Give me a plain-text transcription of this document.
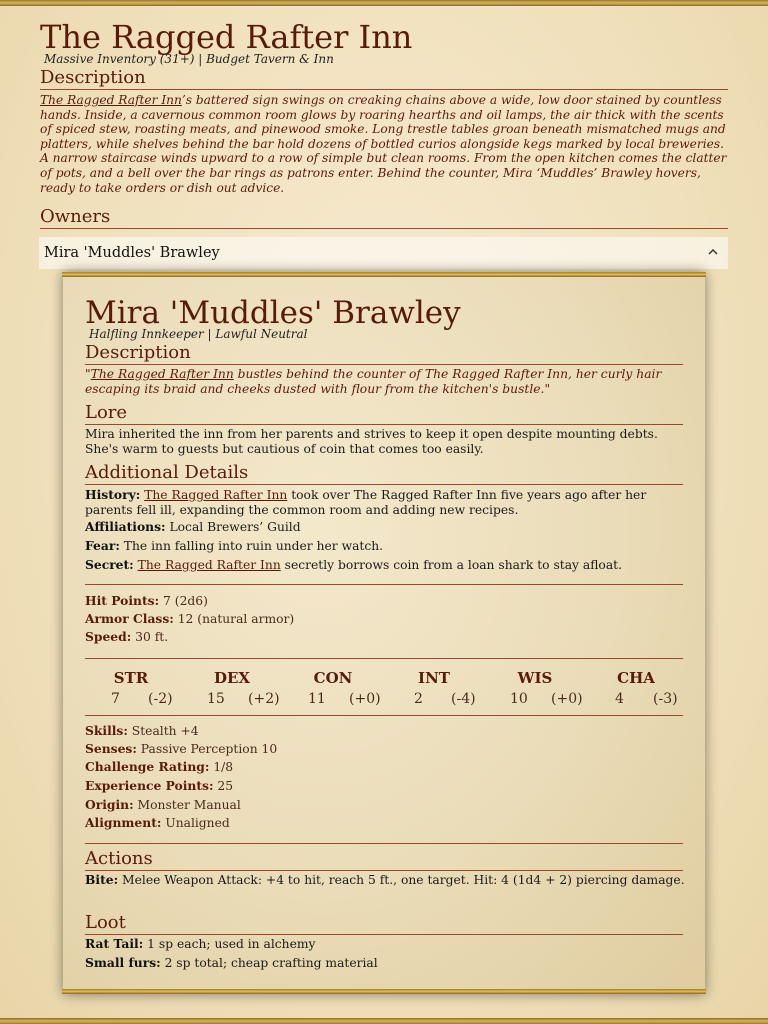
The Ragged Rafter Inn
Massive Inventory (31+) | Budget Tavern & Inn
Description
The Ragged Rafter Inn’s battered sign swings on creaking chains above a wide, low door stained by countless hands. Inside, a cavernous common room glows by roaring hearths and oil lamps, the air thick with the scents of spiced stew, roasting meats, and pinewood smoke. Long trestle tables groan beneath mismatched mugs and platters, while shelves behind the bar hold dozens of bottled curios alongside kegs marked by local breweries. A narrow staircase winds upward to a row of simple but clean rooms. From the open kitchen comes the clatter of pots, and a bell over the bar rings as patrons enter. Behind the counter, Mira ‘Muddles’ Brawley hovers, ready to take orders or dish out advice.
Owners
Mira 'Muddles' Brawley
Mira 'Muddles' Brawley
Halfling Innkeeper | Lawful Neutral
Description
"The Ragged Rafter Inn bustles behind the counter of The Ragged Rafter Inn, her curly hair escaping its braid and cheeks dusted with flour from the kitchen's bustle."
Lore
Mira inherited the inn from her parents and strives to keep it open despite mounting debts. She's warm to guests but cautious of coin that comes too easily.
Additional Details
History: The Ragged Rafter Inn took over The Ragged Rafter Inn five years ago after her parents fell ill, expanding the common room and adding new recipes.
Affiliations: Local Brewers’ Guild
Fear: The inn falling into ruin under her watch.
Secret: The Ragged Rafter Inn secretly borrows coin from a loan shark to stay afloat.
Hit Points: 7 (2d6)
Armor Class: 12 (natural armor)
Speed: 30 ft.
STR	DEX	CON	INT	WIS	CHA
7 (-2) 15 (+2) 11 (+0) 2 (-4) 10 (+0) 4 (-3)
Skills: Stealth +4
Senses: Passive Perception 10
Challenge Rating: 1/8
Experience Points: 25
Origin: Monster Manual
Alignment: Unaligned
Actions
Bite: Melee Weapon Attack: +4 to hit, reach 5 ft., one target. Hit: 4 (1d4 + 2) piercing damage.
Loot
Rat Tail: 1 sp each; used in alchemy
Small furs: 2 sp total; cheap crafting material
